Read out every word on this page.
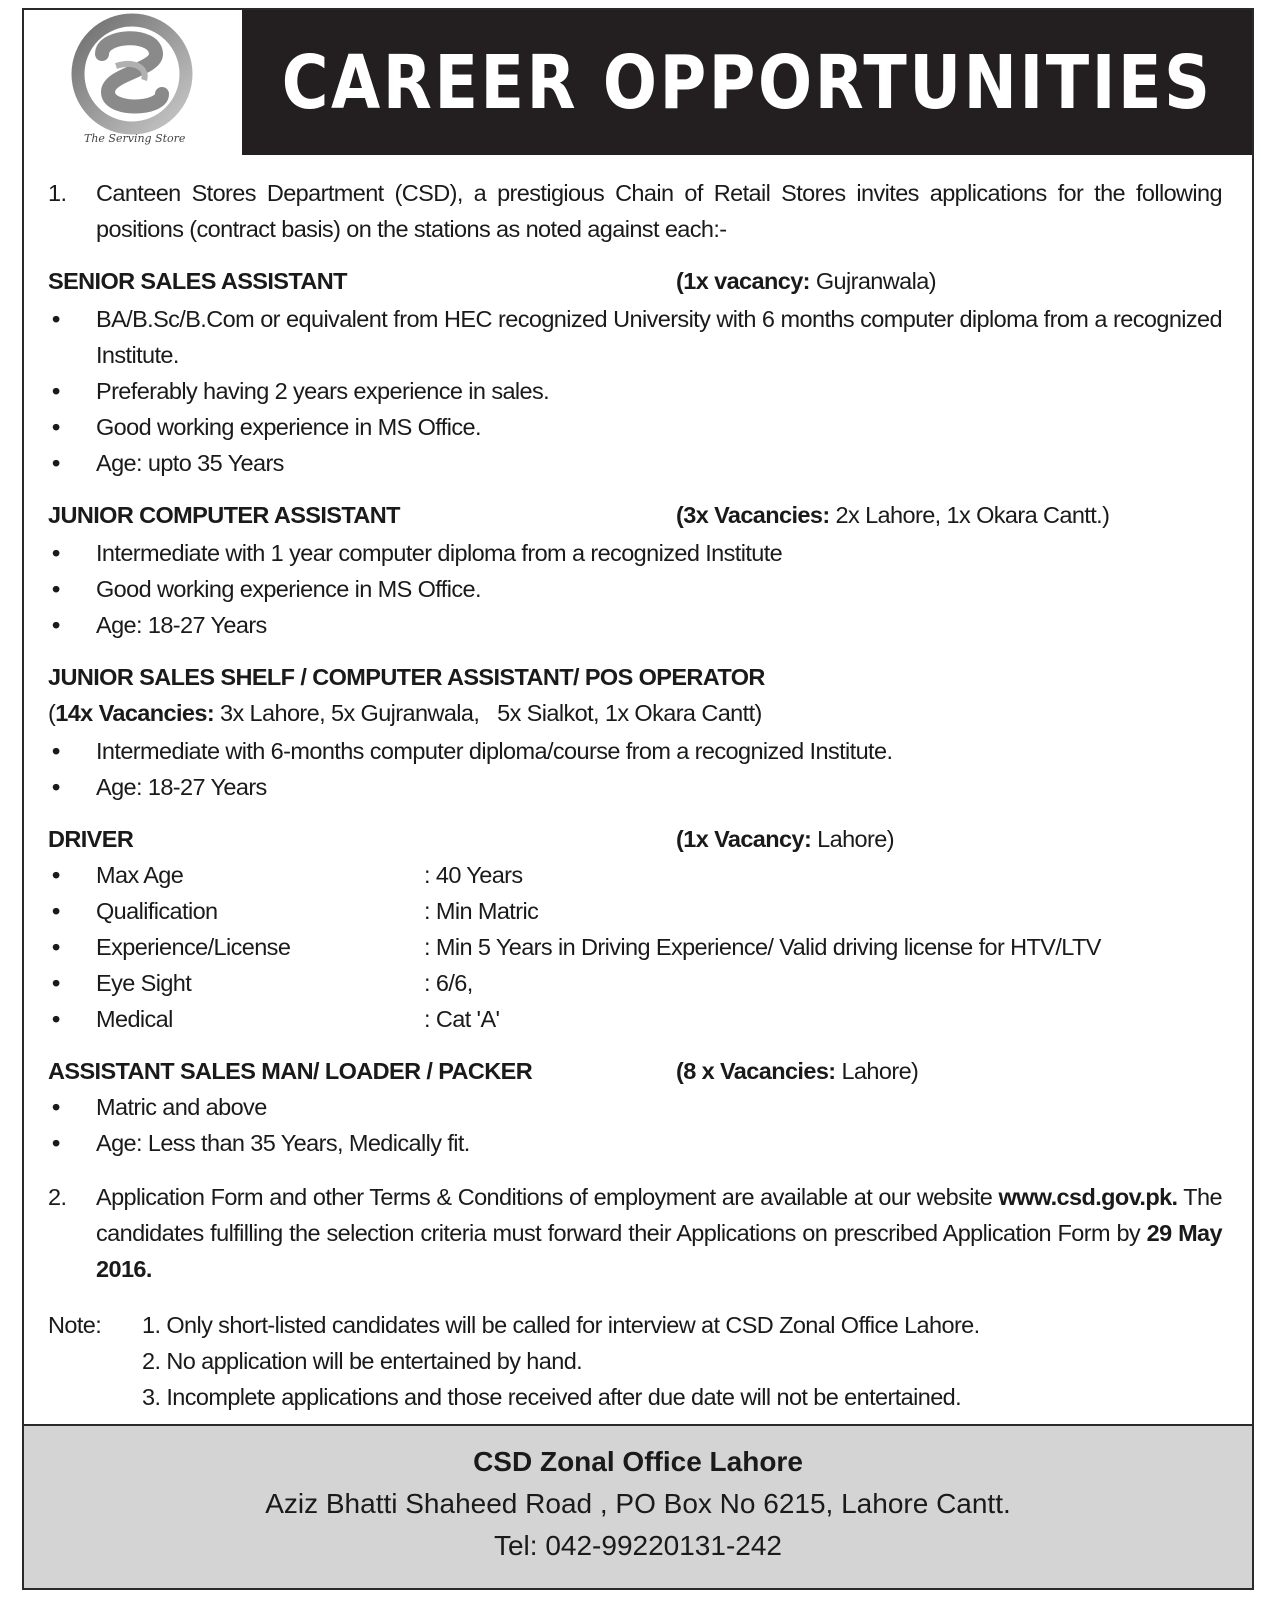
The Serving Store
CAREER OPPORTUNITIES
1. Canteen Stores Department (CSD), a prestigious Chain of Retail Stores invites applications for the following positions (contract basis) on the stations as noted against each:-
SENIOR SALES ASSISTANT	(1x vacancy: Gujranwala)
• BA/B.Sc/B.Com or equivalent from HEC recognized University with 6 months computer diploma from a recognized Institute.
• Preferably having 2 years experience in sales.
• Good working experience in MS Office.
• Age: upto 35 Years
JUNIOR COMPUTER ASSISTANT	(3x Vacancies: 2x Lahore, 1x Okara Cantt.)
• Intermediate with 1 year computer diploma from a recognized Institute
• Good working experience in MS Office.
• Age: 18-27 Years
JUNIOR SALES SHELF / COMPUTER ASSISTANT/ POS OPERATOR
(14x Vacancies: 3x Lahore, 5x Gujranwala,   5x Sialkot, 1x Okara Cantt)
• Intermediate with 6-months computer diploma/course from a recognized Institute.
• Age: 18-27 Years
DRIVER	(1x Vacancy: Lahore)
• Max Age	: 40 Years
• Qualification	: Min Matric
• Experience/License	: Min 5 Years in Driving Experience/ Valid driving license for HTV/LTV
• Eye Sight	: 6/6,
• Medical	: Cat 'A'
ASSISTANT SALES MAN/ LOADER / PACKER	(8 x Vacancies: Lahore)
• Matric and above
• Age: Less than 35 Years, Medically fit.
2. Application Form and other Terms & Conditions of employment are available at our website www.csd.gov.pk. The candidates fulfilling the selection criteria must forward their Applications on prescribed Application Form by 29 May 2016.
Note: 1. Only short-listed candidates will be called for interview at CSD Zonal Office Lahore.
2. No application will be entertained by hand.
3. Incomplete applications and those received after due date will not be entertained.
CSD Zonal Office Lahore
Aziz Bhatti Shaheed Road , PO Box No 6215, Lahore Cantt.
Tel: 042-99220131-242
